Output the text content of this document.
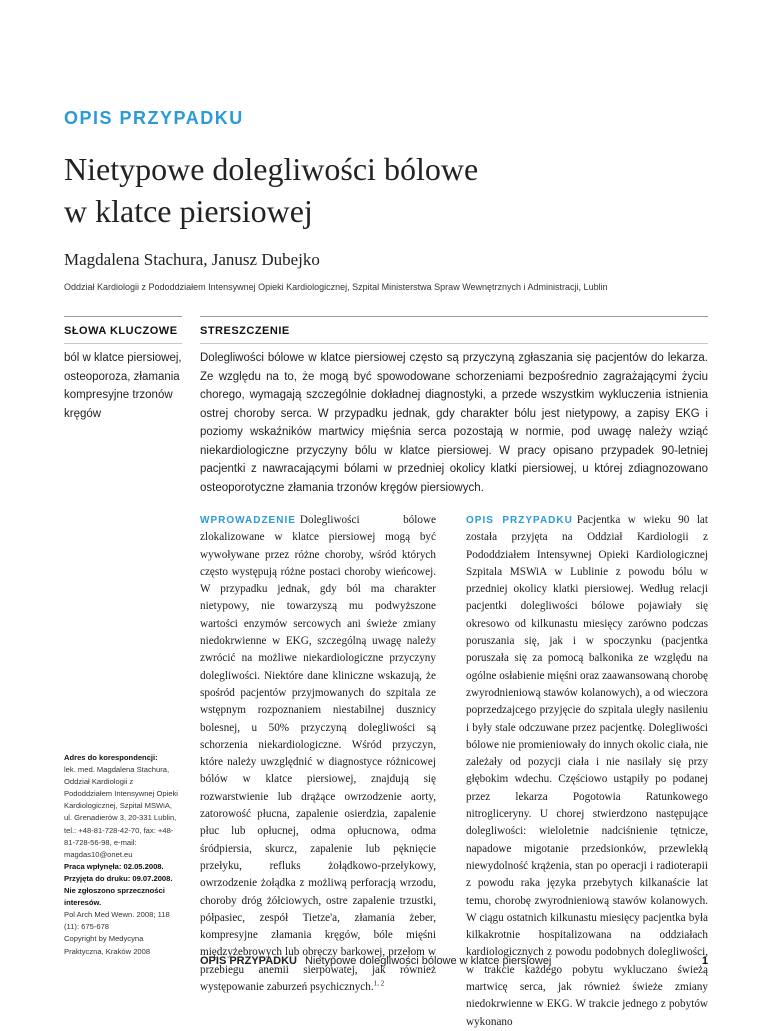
OPIS PRZYPADKU
Nietypowe dolegliwości bólowe
w klatce piersiowej
Magdalena Stachura, Janusz Dubejko
Oddział Kardiologii z Pododdziałem Intensywnej Opieki Kardiologicznej, Szpital Ministerstwa Spraw Wewnętrznych i Administracji, Lublin
SŁOWA KLUCZOWE STRESZCZENIE
ból w klatce piersiowej, osteoporoza, złamania kompresyjne trzonów kręgów
Dolegliwości bólowe w klatce piersiowej często są przyczyną zgłaszania się pacjentów do lekarza. Ze względu na to, że mogą być spowodowane schorzeniami bezpośrednio zagrażającymi życiu chorego, wymagają szczególnie dokładnej diagnostyki, a przede wszystkim wykluczenia istnienia ostrej choroby serca. W przypadku jednak, gdy charakter bólu jest nietypowy, a zapisy EKG i poziomy wskaźników martwicy mięśnia serca pozostają w normie, pod uwagę należy wziąć niekardiologiczne przyczyny bólu w klatce piersiowej. W pracy opisano przypadek 90-letniej pacjentki z nawracającymi bólami w przedniej okolicy klatki piersiowej, u której zdiagnozowano osteoporotyczne złamania trzonów kręgów piersiowych.
Adres do korespondencji:
lek. med. Magdalena Stachura, Oddział Kardiologii z Pododdziałem Intensywnej Opieki Kardiologicznej, Szpital MSWiA, ul. Grenadierów 3, 20-331 Lublin, tel.: +48-81-728-42-70, fax: +48-81-728-56-98, e-mail: magdas10@onet.eu
Praca wpłynęła: 02.05.2008.
Przyjęta do druku: 09.07.2008.
Nie zgłoszono sprzeczności interesów.
Pol Arch Med Wewn. 2008; 118 (11): 675-678
Copyright by Medycyna Praktyczna, Kraków 2008
WPROWADZENIE Dolegliwości bólowe zlokalizowane w klatce piersiowej mogą być wywoływane przez różne choroby, wśród których często występują różne postaci choroby wieńcowej. W przypadku jednak, gdy ból ma charakter nietypowy, nie towarzyszą mu podwyższone wartości enzymów sercowych ani świeże zmiany niedokrwienne w EKG, szczególną uwagę należy zwrócić na możliwe niekardiologiczne przyczyny dolegliwości. Niektóre dane kliniczne wskazują, że spośród pacjentów przyjmowanych do szpitala ze wstępnym rozpoznaniem niestabilnej dusznicy bolesnej, u 50% przyczyną dolegliwości są schorzenia niekardiologiczne. Wśród przyczyn, które należy uwzględnić w diagnostyce różnicowej bólów w klatce piersiowej, znajdują się rozwarstwienie lub drążące owrzodzenie aorty, zatorowość płucna, zapalenie osierdzia, zapalenie płuc lub opłucnej, odma opłucnowa, odma śródpiersia, skurcz, zapalenie lub pęknięcie przełyku, refluks żołądkowo-przełykowy, owrzodzenie żołądka z możliwą perforacją wrzodu, choroby dróg żółciowych, ostre zapalenie trzustki, półpasiec, zespół Tietze'a, złamania żeber, kompresyjne złamania kręgów, bóle mięśni międzyżebrowych lub obręczy barkowej, przełom w przebiegu anemii sierpowatej, jak również występowanie zaburzeń psychicznych.$^{1, 2}$
OPIS PRZYPADKU Pacjentka w wieku 90 lat została przyjęta na Oddział Kardiologii z Pododdziałem Intensywnej Opieki Kardiologicznej Szpitala MSWiA w Lublinie z powodu bólu w przedniej okolicy klatki piersiowej. Według relacji pacjentki dolegliwości bólowe pojawiały się okresowo od kilkunastu miesięcy zarówno podczas poruszania się, jak i w spoczynku (pacjentka poruszała się za pomocą balkonika ze względu na ogólne osłabienie mięśni oraz zaawansowaną chorobę zwyrodnieniową stawów kolanowych), a od wieczora poprzedzajcego przyjęcie do szpitala uległy nasileniu i były stale odczuwane przez pacjentkę. Dolegliwości bólowe nie promieniowały do innych okolic ciała, nie zależały od pozycji ciała i nie nasilały się przy głębokim wdechu. Częściowo ustąpiły po podanej przez lekarza Pogotowia Ratunkowego nitrogliceryny. U chorej stwierdzono następujące dolegliwości: wieloletnie nadciśnienie tętnicze, napadowe migotanie przedsionków, przewlekłą niewydolność krążenia, stan po operacji i radioterapii z powodu raka języka przebytych kilkanaście lat temu, chorobę zwyrodnieniową stawów kolanowych. W ciągu ostatnich kilkunastu miesięcy pacjentka była kilkakrotnie hospitalizowana na oddziałach kardiologicznych z powodu podobnych dolegliwości, w trakcie każdego pobytu wykluczano świeżą martwicę serca, jak również świeże zmiany niedokrwienne w EKG. W trakcie jednego z pobytów wykonano
OPIS PRZYPADKU Nietypowe dolegliwości bólowe w klatce piersiowej	1
